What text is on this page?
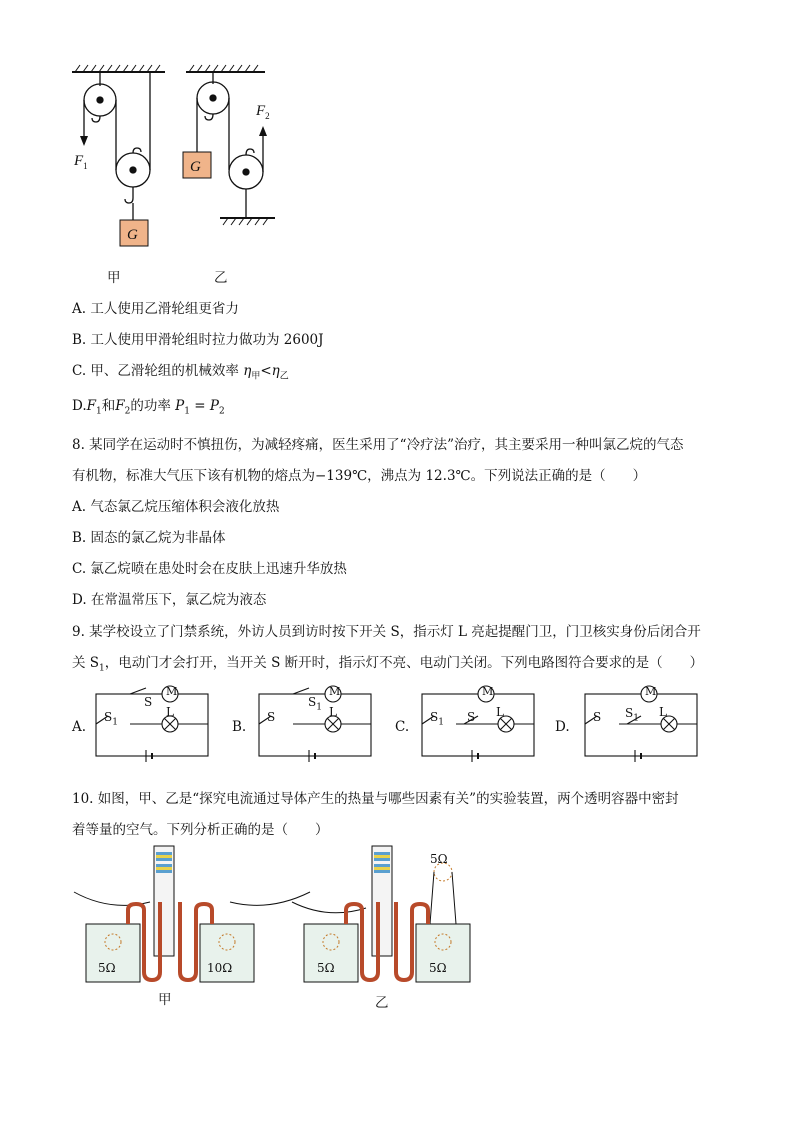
$F_1$
$F_2$
G
G
甲	乙
A. 工人使用乙滑轮组更省力
B. 工人使用甲滑轮组时拉力做功为 2600J
C. 甲、乙滑轮组的机械效率 $\eta_甲<\eta_乙$
$D.F_1$和$F_2$的功率 $P_1 = P_2$
8. 某同学在运动时不慎扭伤，为减轻疼痛，医生采用了“冷疗法”治疗，其主要采用一种叫氯乙烷的气态
有机物，标准大气压下该有机物的熔点为−139℃，沸点为 12.3℃。下列说法正确的是（　　）
A. 气态氯乙烷压缩体积会液化放热
B. 固态的氯乙烷为非晶体
C. 氯乙烷喷在患处时会在皮肤上迅速升华放热
D. 在常温常压下，氯乙烷为液态
9. 某学校设立了门禁系统，外访人员到访时按下开关 S，指示灯 L 亮起提醒门卫，门卫核实身份后闭合开
关 $S_1$，电动门才会打开，当开关 S 断开时，指示灯不亮、电动门关闭。下列电路图符合要求的是（　　）
A.	B.	C.	D.
M	M	M	M
L	L	L	L
S
$S_1$
$S_1$
S	$S_1$ S	S $S_1$
10. 如图，甲、乙是“探究电流通过导体产生的热量与哪些因素有关”的实验装置，两个透明容器中密封
着等量的空气。下列分析正确的是（　　）
5Ω	10Ω
甲
5Ω	5Ω
5Ω
乙
